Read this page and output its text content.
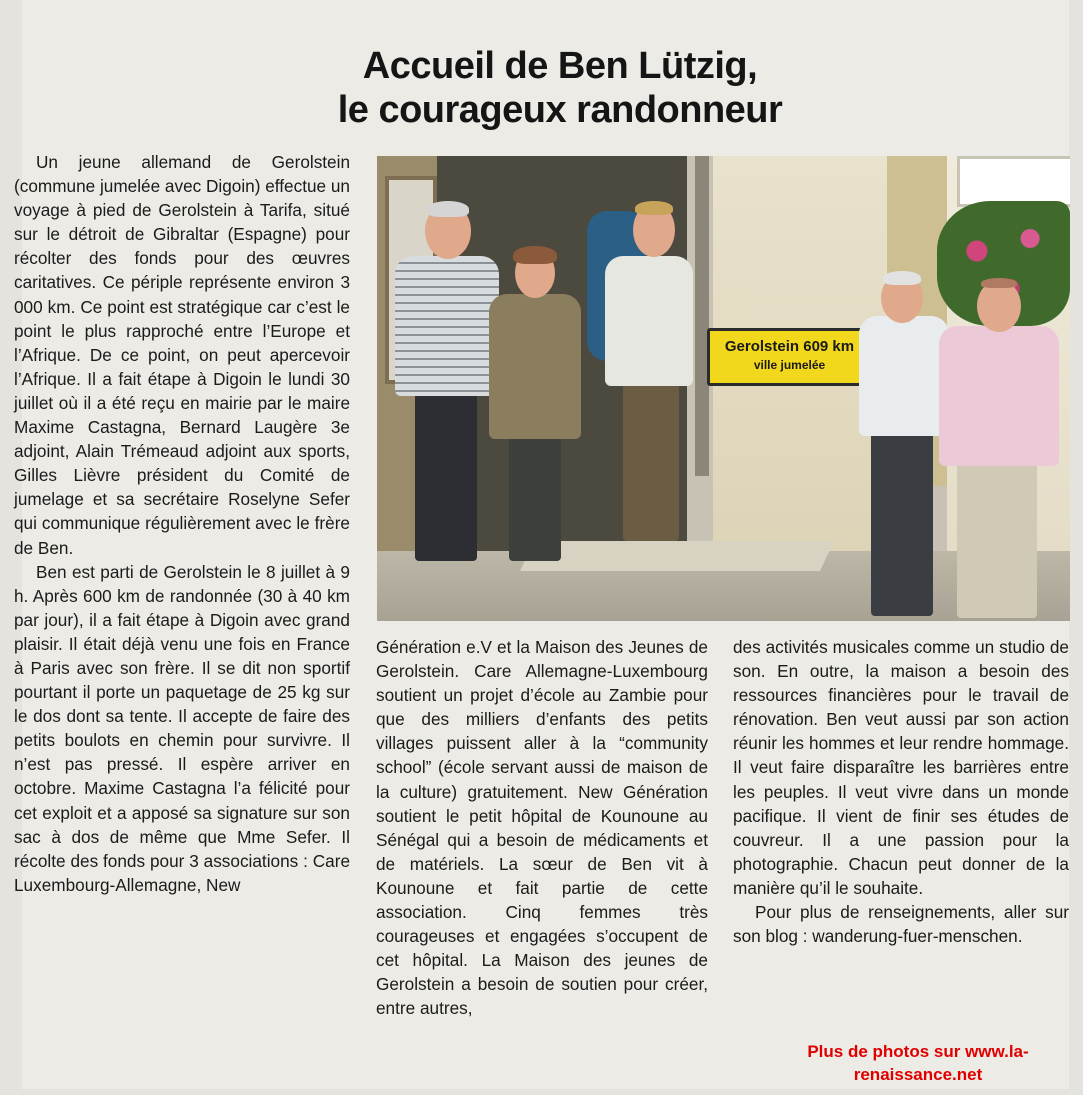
Accueil de Ben Lützig,
le courageux randonneur

Un jeune allemand de Gerolstein (commune jumelée avec Digoin) effectue un voyage à pied de Gerolstein à Tarifa, situé sur le détroit de Gibraltar (Espagne) pour récolter des fonds pour des œuvres caritatives. Ce périple représente environ 3 000 km. Ce point est stratégique car c’est le point le plus rapproché entre l’Europe et l’Afrique. De ce point, on peut apercevoir l’Afrique. Il a fait étape à Digoin le lundi 30 juillet où il a été reçu en mairie par le maire Maxime Castagna, Bernard Laugère 3e adjoint, Alain Trémeaud adjoint aux sports, Gilles Lièvre président du Comité de jumelage et sa secrétaire Roselyne Sefer qui communique régulièrement avec le frère de Ben.

Ben est parti de Gerolstein le 8 juillet à 9 h. Après 600 km de randonnée (30 à 40 km par jour), il a fait étape à Digoin avec grand plaisir. Il était déjà venu une fois en France à Paris avec son frère. Il se dit non sportif pourtant il porte un paquetage de 25 kg sur le dos dont sa tente. Il accepte de faire des petits boulots en chemin pour survivre. Il n’est pas pressé. Il espère arriver en octobre. Maxime Castagna l’a félicité pour cet exploit et a apposé sa signature sur son sac à dos de même que Mme Sefer. Il récolte des fonds pour 3 associations : Care Luxembourg-Allemagne, New

Gerolstein 609 km
ville jumelée

Génération e.V et la Maison des Jeunes de Gerolstein. Care Allemagne-Luxembourg soutient un projet d’école au Zambie pour que des milliers d’enfants des petits villages puissent aller à la “community school” (école servant aussi de maison de la culture) gratuitement. New Génération soutient le petit hôpital de Kounoune au Sénégal qui a besoin de médicaments et de matériels. La sœur de Ben vit à Kounoune et fait partie de cette association. Cinq femmes très courageuses et engagées s’occupent de cet hôpital. La Maison des jeunes de Gerolstein a besoin de soutien pour créer, entre autres,

des activités musicales comme un studio de son. En outre, la maison a besoin des ressources financières pour le travail de rénovation. Ben veut aussi par son action réunir les hommes et leur rendre hommage. Il veut faire disparaître les barrières entre les peuples. Il veut vivre dans un monde pacifique. Il vient de finir ses études de couvreur. Il a une passion pour la photographie. Chacun peut donner de la manière qu’il le souhaite.

Pour plus de renseignements, aller sur son blog : wanderung-fuer-menschen.

Plus de photos sur www.la-renaissance.net
